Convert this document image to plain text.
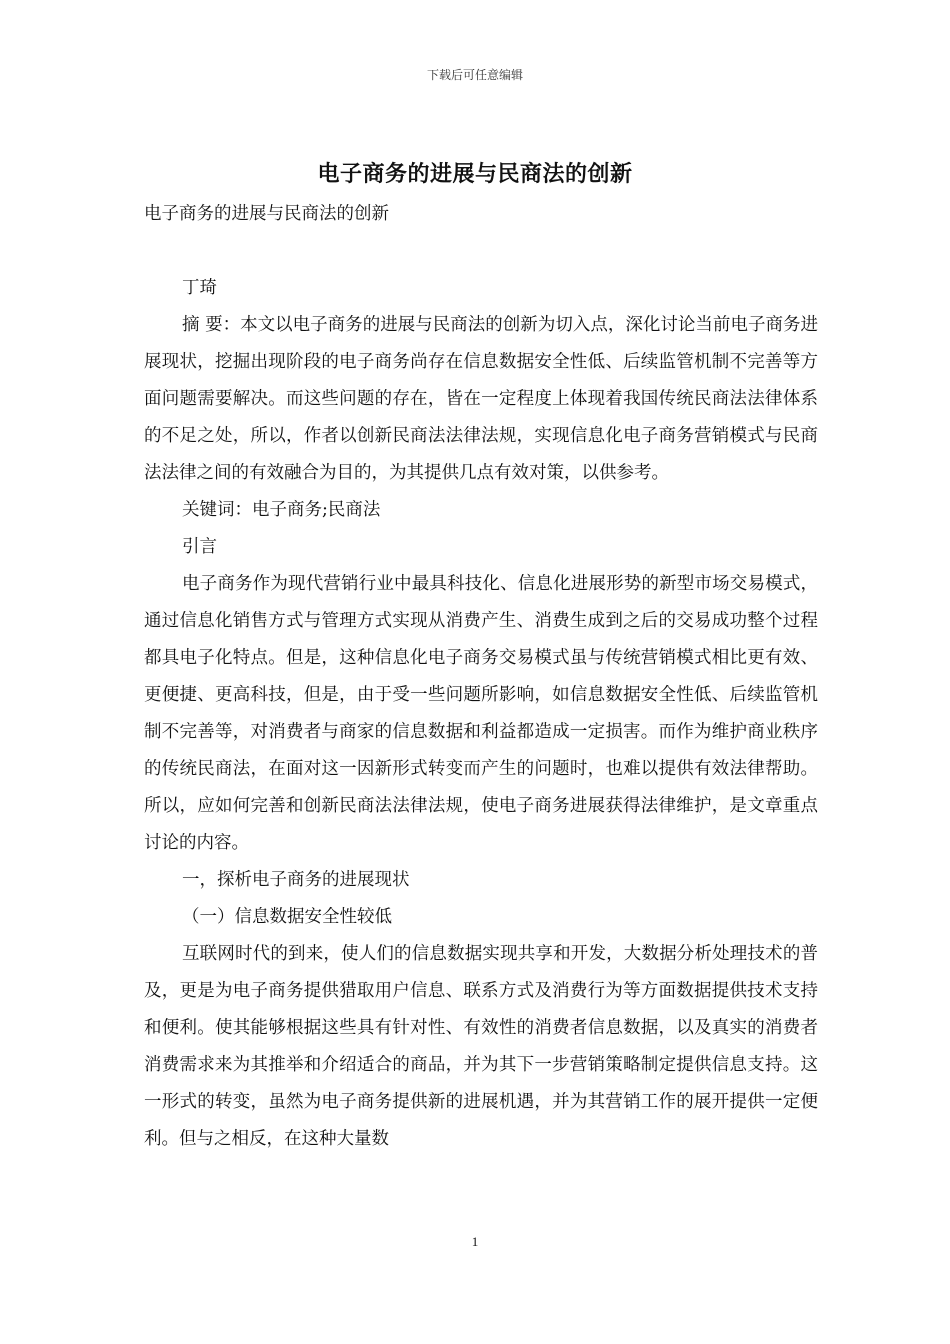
下载后可任意编辑
电子商务的进展与民商法的创新
电子商务的进展与民商法的创新
丁琦
摘 要：本文以电子商务的进展与民商法的创新为切入点，深化讨论当前电子商务进展现状，挖掘出现阶段的电子商务尚存在信息数据安全性低、后续监管机制不完善等方面问题需要解决。而这些问题的存在，皆在一定程度上体现着我国传统民商法法律体系的不足之处，所以，作者以创新民商法法律法规，实现信息化电子商务营销模式与民商法法律之间的有效融合为目的，为其提供几点有效对策，以供参考。
关键词：电子商务;民商法
引言
电子商务作为现代营销行业中最具科技化、信息化进展形势的新型市场交易模式，通过信息化销售方式与管理方式实现从消费产生、消费生成到之后的交易成功整个过程都具电子化特点。但是，这种信息化电子商务交易模式虽与传统营销模式相比更有效、更便捷、更高科技，但是，由于受一些问题所影响，如信息数据安全性低、后续监管机制不完善等，对消费者与商家的信息数据和利益都造成一定损害。而作为维护商业秩序的传统民商法，在面对这一因新形式转变而产生的问题时，也难以提供有效法律帮助。所以，应如何完善和创新民商法法律法规，使电子商务进展获得法律维护，是文章重点讨论的内容。
一，探析电子商务的进展现状
（一）信息数据安全性较低
互联网时代的到来，使人们的信息数据实现共享和开发，大数据分析处理技术的普及，更是为电子商务提供猎取用户信息、联系方式及消费行为等方面数据提供技术支持和便利。使其能够根据这些具有针对性、有效性的消费者信息数据，以及真实的消费者消费需求来为其推举和介绍适合的商品，并为其下一步营销策略制定提供信息支持。这一形式的转变，虽然为电子商务提供新的进展机遇，并为其营销工作的展开提供一定便利。但与之相反，在这种大量数
1
